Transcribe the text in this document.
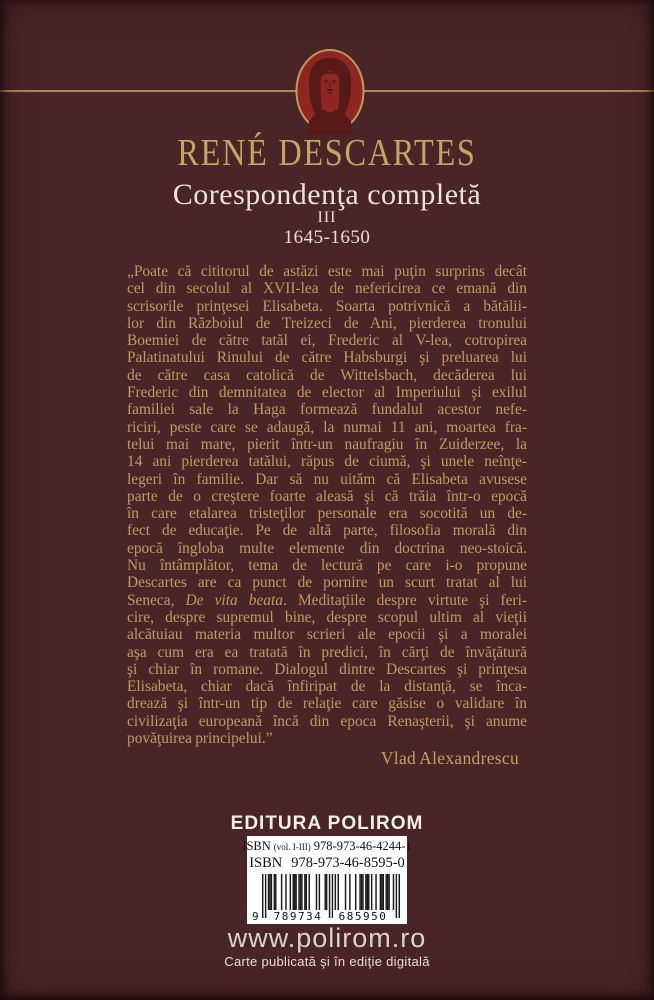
RENÉ DESCARTES
Corespondenţa completă
III
1645-1650
„Poate că cititorul de astăzi este mai puţin surprins decât
cel din secolul al XVII-lea de nefericirea ce emană din
scrisorile prinţesei Elisabeta. Soarta potrivnică a bătălii-
lor din Războiul de Treizeci de Ani, pierderea tronului
Boemiei de către tatăl ei, Frederic al V-lea, cotropirea
Palatinatului Rinului de către Habsburgi şi preluarea lui
de către casa catolică de Wittelsbach, decăderea lui
Frederic din demnitatea de elector al Imperiului şi exilul
familiei sale la Haga formează fundalul acestor nefe-
riciri, peste care se adaugă, la numai 11 ani, moartea fra-
telui mai mare, pierit într-un naufragiu în Zuiderzee, la
14 ani pierderea tatălui, răpus de ciumă, şi unele neînţe-
legeri în familie. Dar să nu uităm că Elisabeta avusese
parte de o creştere foarte aleasă şi că trăia într-o epocă
în care etalarea tristeţilor personale era socotită un de-
fect de educaţie. Pe de altă parte, filosofia morală din
epocă îngloba multe elemente din doctrina neo-stoică.
Nu întâmplător, tema de lectură pe care i-o propune
Descartes are ca punct de pornire un scurt tratat al lui
Seneca, De vita beata. Meditaţiile despre virtute şi feri-
cire, despre supremul bine, despre scopul ultim al vieţii
alcătuiau materia multor scrieri ale epocii şi a moralei
aşa cum era ea tratată în predici, în cărţi de învăţătură
şi chiar în romane. Dialogul dintre Descartes şi prinţesa
Elisabeta, chiar dacă înfiripat de la distanţă, se înca-
drează şi într-un tip de relaţie care găsise o validare în
civilizaţia europeană încă din epoca Renaşterii, şi anume
povăţuirea principelui.”
Vlad Alexandrescu
EDITURA POLIROM
ISBN (vol. I-III) 978-973-46-4244-1
ISBN 978-973-46-8595-0
9	789734	685950
www.polirom.ro
Carte publicată şi în ediţie digitală
